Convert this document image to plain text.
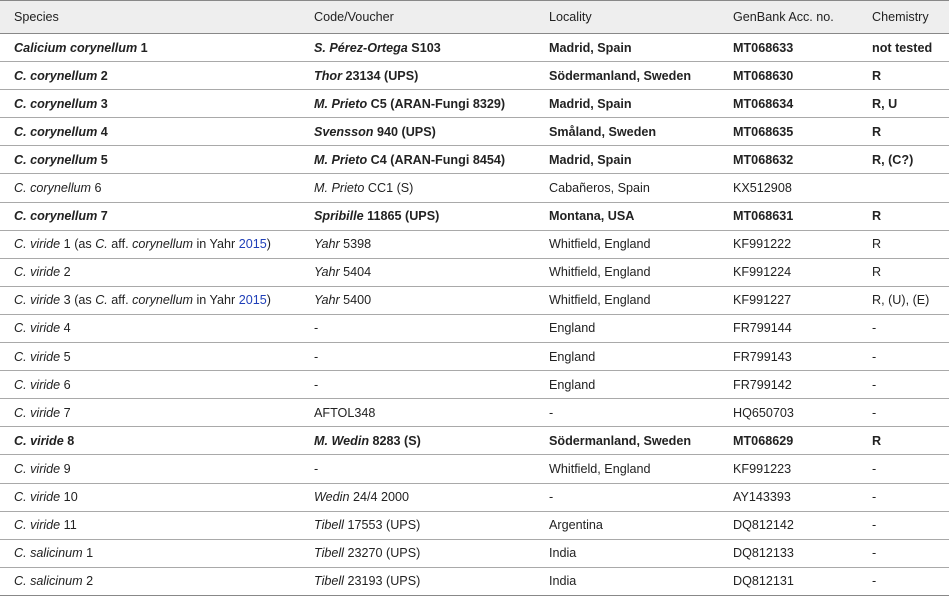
Species	Code/Voucher	Locality	GenBank Acc. no.	Chemistry
Calicium corynellum 1	S. Pérez-Ortega S103	Madrid, Spain	MT068633	not tested
C. corynellum 2	Thor 23134 (UPS)	Södermanland, Sweden	MT068630	R
C. corynellum 3	M. Prieto C5 (ARAN-Fungi 8329)	Madrid, Spain	MT068634	R, U
C. corynellum 4	Svensson 940 (UPS)	Småland, Sweden	MT068635	R
C. corynellum 5	M. Prieto C4 (ARAN-Fungi 8454)	Madrid, Spain	MT068632	R, (C?)
C. corynellum 6	M. Prieto CC1 (S)	Cabañeros, Spain	KX512908	
C. corynellum 7	Spribille 11865 (UPS)	Montana, USA	MT068631	R
C. viride 1 (as C. aff. corynellum in Yahr 2015)	Yahr 5398	Whitfield, England	KF991222	R
C. viride 2	Yahr 5404	Whitfield, England	KF991224	R
C. viride 3 (as C. aff. corynellum in Yahr 2015)	Yahr 5400	Whitfield, England	KF991227	R, (U), (E)
C. viride 4	-	England	FR799144	-
C. viride 5	-	England	FR799143	-
C. viride 6	-	England	FR799142	-
C. viride 7	AFTOL348	-	HQ650703	-
C. viride 8	M. Wedin 8283 (S)	Södermanland, Sweden	MT068629	R
C. viride 9	-	Whitfield, England	KF991223	-
C. viride 10	Wedin 24/4 2000	-	AY143393	-
C. viride 11	Tibell 17553 (UPS)	Argentina	DQ812142	-
C. salicinum 1	Tibell 23270 (UPS)	India	DQ812133	-
C. salicinum 2	Tibell 23193 (UPS)	India	DQ812131	-
